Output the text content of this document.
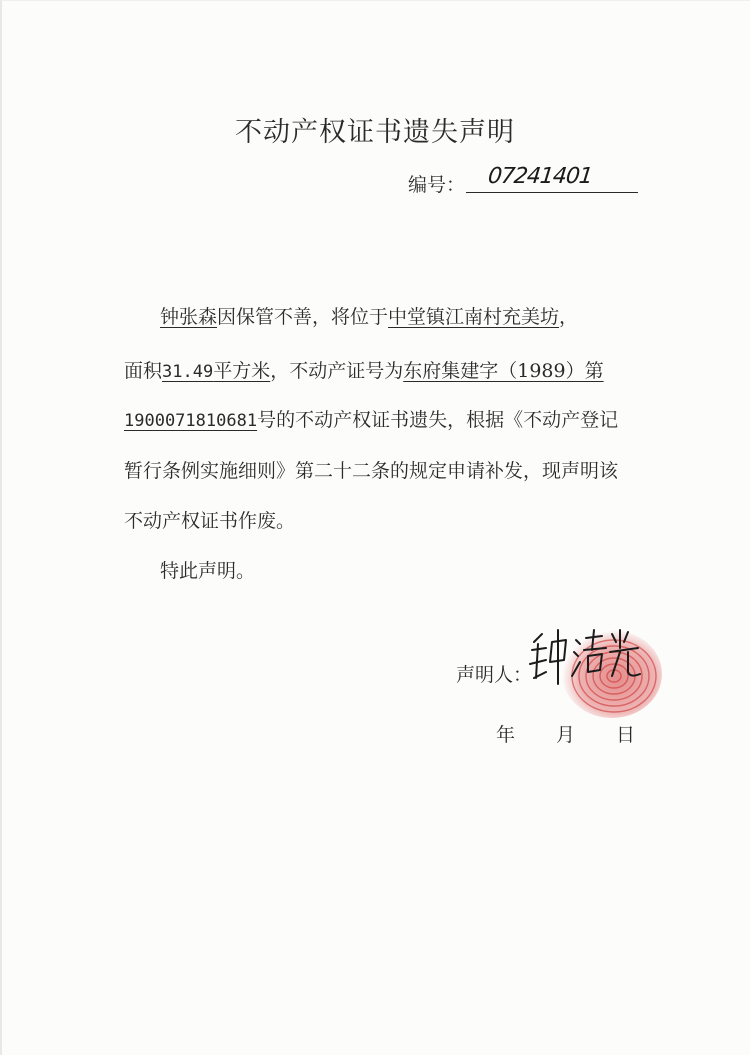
不动产权证书遗失声明
编号： 07241401
钟张森因保管不善，将位于中堂镇江南村充美坊，
面积31.49平方米，不动产证号为东府集建字（1989）第
1900071810681号的不动产权证书遗失，根据《不动产登记
暂行条例实施细则》第二十二条的规定申请补发，现声明该
不动产权证书作废。
特此声明。
声明人：
年 月 日
